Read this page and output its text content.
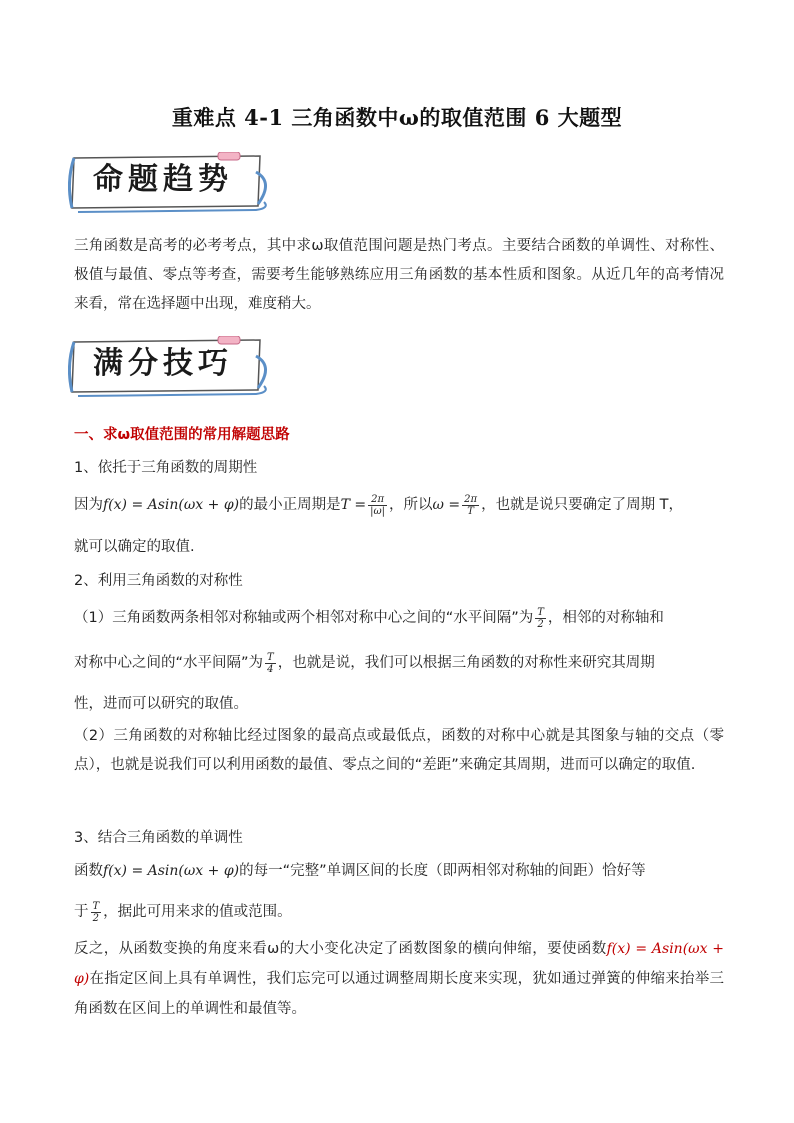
重难点 4-1 三角函数中ω的取值范围 6 大题型
命题趋势
三角函数是高考的必考考点，其中求ω取值范围问题是热门考点。主要结合函数的单调性、对称性、极值与最值、零点等考查，需要考生能够熟练应用三角函数的基本性质和图象。从近几年的高考情况来看，常在选择题中出现，难度稍大。
满分技巧
一、求ω取值范围的常用解题思路
1、依托于三角函数的周期性
因为f(x) = Asin(ωx + φ)的最小正周期是$T = \frac{2\pi}{|\omega|}$ ，所以$\omega = \frac{2\pi}{T}$ ，也就是说只要确定了周期 T，
就可以确定的取值.
2、利用三角函数的对称性
（1）三角函数两条相邻对称轴或两个相邻对称中心之间的“水平间隔”为 $\frac{T}{2}$ ，相邻的对称轴和
对称中心之间的“水平间隔”为 $\frac{T}{4}$ ，也就是说，我们可以根据三角函数的对称性来研究其周期
性，进而可以研究的取值。
（2）三角函数的对称轴比经过图象的最高点或最低点，函数的对称中心就是其图象与轴的交点（零点），也就是说我们可以利用函数的最值、零点之间的“差距”来确定其周期，进而可以确定的取值.
3、结合三角函数的单调性
函数f(x) = Asin(ωx + φ)的每一“完整”单调区间的长度（即两相邻对称轴的间距）恰好等
于 $\frac{T}{2}$ ，据此可用来求的值或范围。
反之，从函数变换的角度来看ω的大小变化决定了函数图象的横向伸缩，要使函数f(x) = Asin(ωx + φ)在指定区间上具有单调性，我们忘完可以通过调整周期长度来实现，犹如通过弹簧的伸缩来抬举三角函数在区间上的单调性和最值等。
